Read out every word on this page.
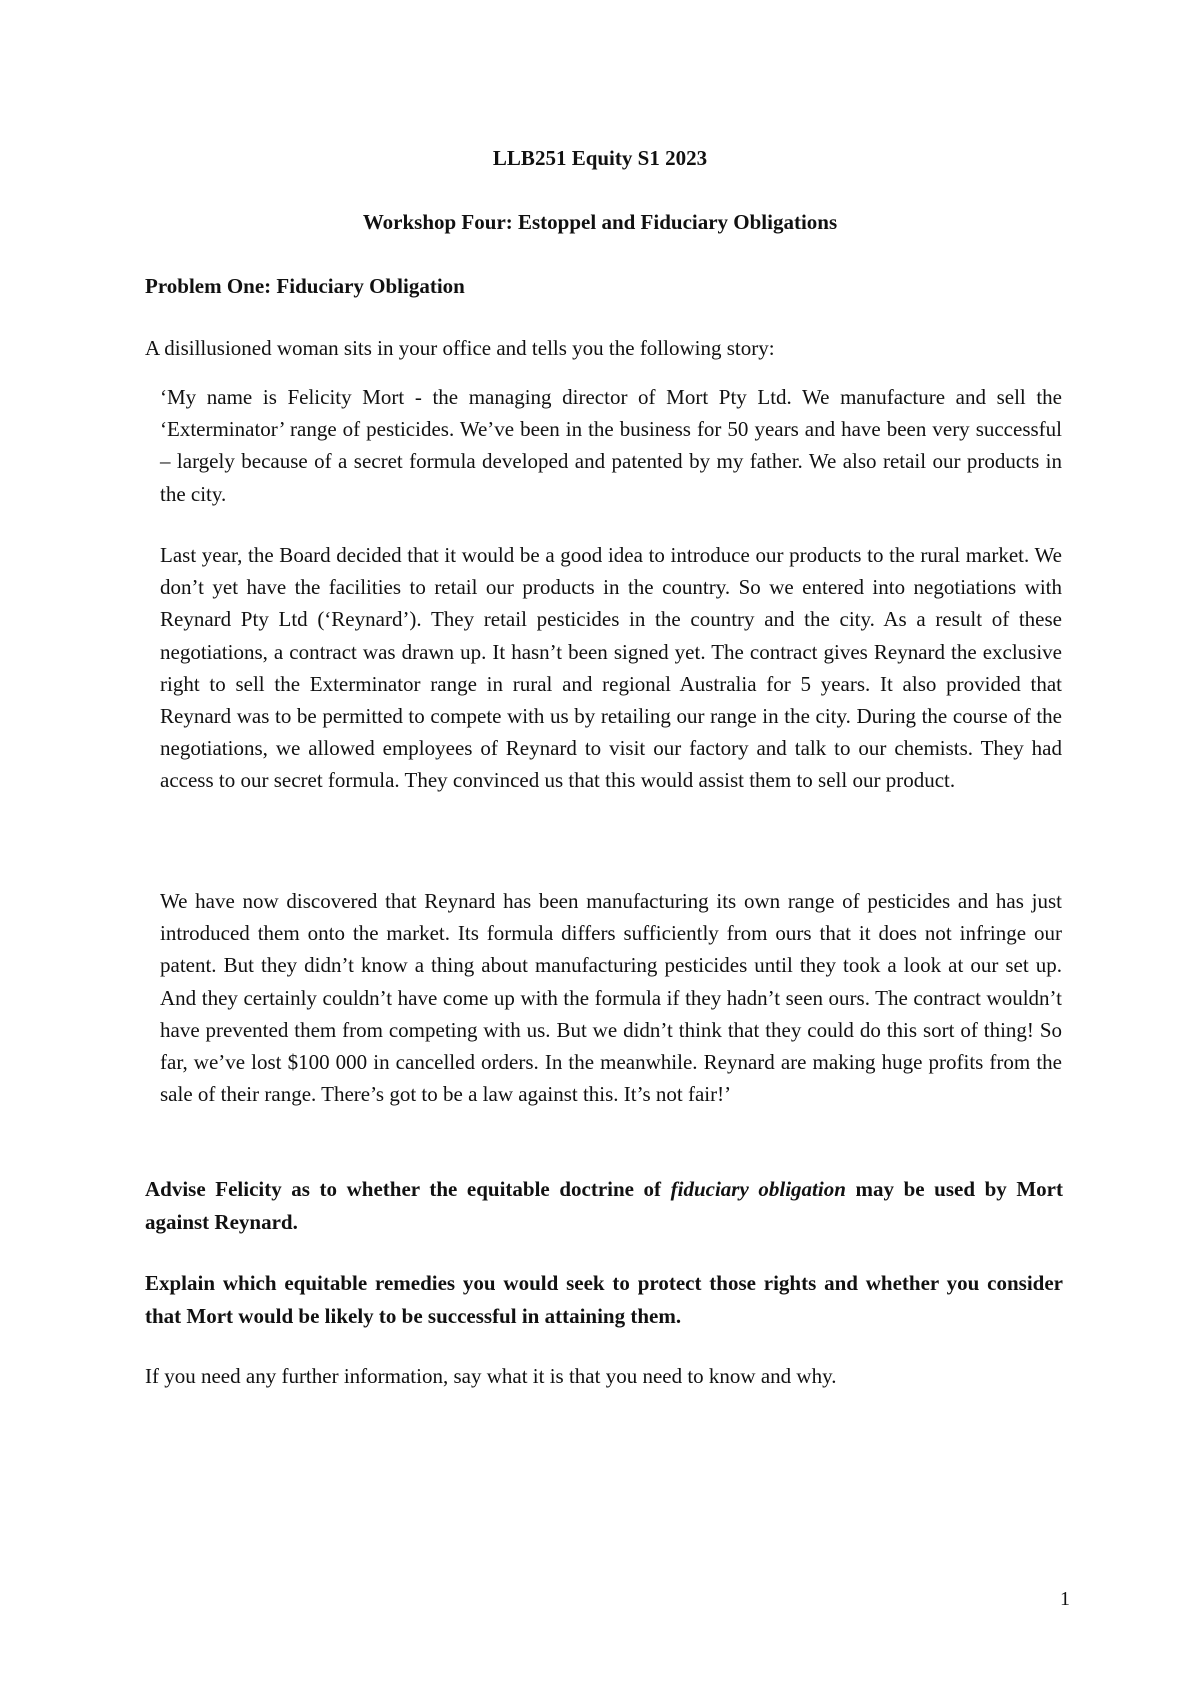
LLB251 Equity S1 2023

Workshop Four: Estoppel and Fiduciary Obligations

Problem One: Fiduciary Obligation

A disillusioned woman sits in your office and tells you the following story:

‘My name is Felicity Mort - the managing director of Mort Pty Ltd. We manufacture and sell the ‘Exterminator’ range of pesticides. We’ve been in the business for 50 years and have been very successful – largely because of a secret formula developed and patented by my father. We also retail our products in the city.

Last year, the Board decided that it would be a good idea to introduce our products to the rural market. We don’t yet have the facilities to retail our products in the country. So we entered into negotiations with Reynard Pty Ltd (‘Reynard’). They retail pesticides in the country and the city. As a result of these negotiations, a contract was drawn up. It hasn’t been signed yet. The contract gives Reynard the exclusive right to sell the Exterminator range in rural and regional Australia for 5 years. It also provided that Reynard was to be permitted to compete with us by retailing our range in the city. During the course of the negotiations, we allowed employees of Reynard to visit our factory and talk to our chemists. They had access to our secret formula. They convinced us that this would assist them to sell our product.

We have now discovered that Reynard has been manufacturing its own range of pesticides and has just introduced them onto the market. Its formula differs sufficiently from ours that it does not infringe our patent. But they didn’t know a thing about manufacturing pesticides until they took a look at our set up. And they certainly couldn’t have come up with the formula if they hadn’t seen ours. The contract wouldn’t have prevented them from competing with us. But we didn’t think that they could do this sort of thing! So far, we’ve lost $100 000 in cancelled orders. In the meanwhile. Reynard are making huge profits from the sale of their range. There’s got to be a law against this. It’s not fair!’

Advise Felicity as to whether the equitable doctrine of fiduciary obligation may be used by Mort against Reynard.

Explain which equitable remedies you would seek to protect those rights and whether you consider that Mort would be likely to be successful in attaining them.

If you need any further information, say what it is that you need to know and why.

1
